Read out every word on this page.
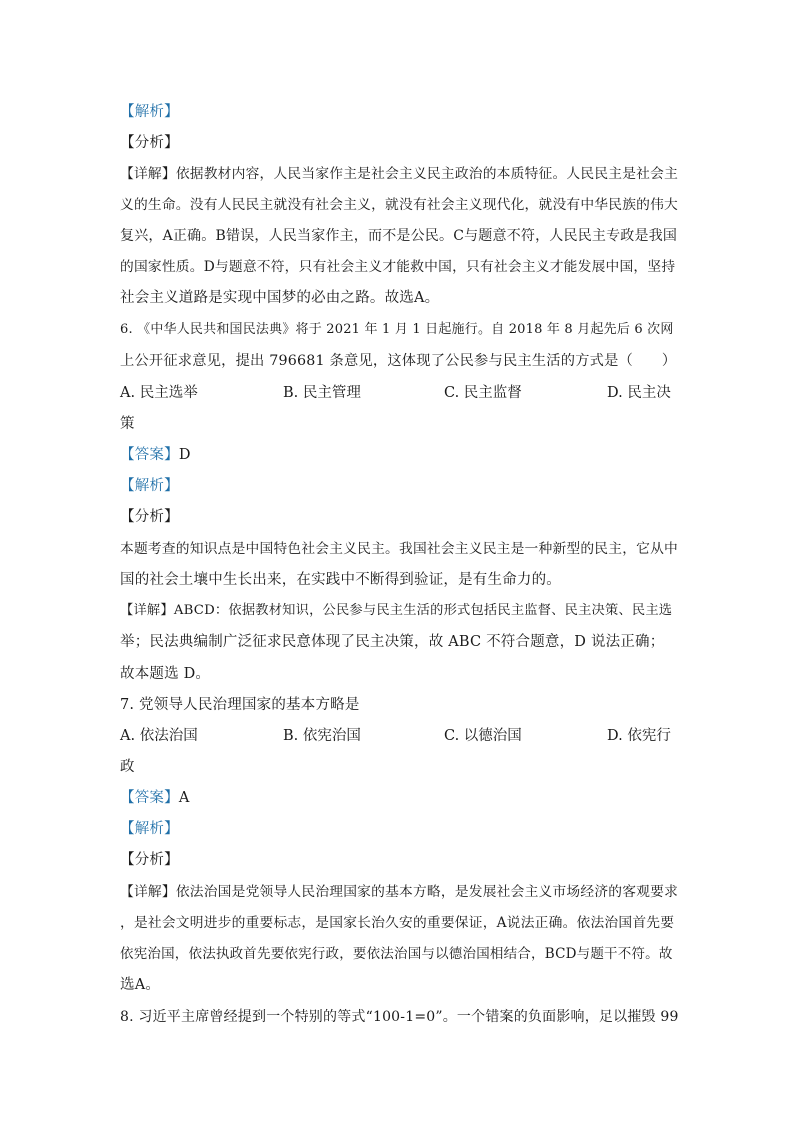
【解析】
【分析】
【详解】依据教材内容，人民当家作主是社会主义民主政治的本质特征。人民民主是社会主
义的生命。没有人民民主就没有社会主义，就没有社会主义现代化，就没有中华民族的伟大
复兴，A正确。B错误，人民当家作主，而不是公民。C与题意不符，人民民主专政是我国
的国家性质。D与题意不符，只有社会主义才能救中国，只有社会主义才能发展中国，坚持
社会主义道路是实现中国梦的必由之路。故选A。
6. 《中华人民共和国民法典》将于 2021 年 1 月 1 日起施行。自 2018 年 8 月起先后 6 次网
上公开征求意见，提出 796681 条意见，这体现了公民参与民主生活的方式是（　　）
A. 民主选举	B. 民主管理	C. 民主监督	D. 民主决
策
【答案】D
【解析】
【分析】
本题考查的知识点是中国特色社会主义民主。我国社会主义民主是一种新型的民主，它从中
国的社会土壤中生长出来，在实践中不断得到验证，是有生命力的。
【详解】ABCD：依据教材知识，公民参与民主生活的形式包括民主监督、民主决策、民主选
举；民法典编制广泛征求民意体现了民主决策，故 ABC 不符合题意，D 说法正确；
故本题选 D。
7. 党领导人民治理国家的基本方略是
A. 依法治国	B. 依宪治国	C. 以德治国	D. 依宪行
政
【答案】A
【解析】
【分析】
【详解】依法治国是党领导人民治理国家的基本方略，是发展社会主义市场经济的客观要求
，是社会文明进步的重要标志，是国家长治久安的重要保证，A说法正确。依法治国首先要
依宪治国，依法执政首先要依宪行政，要依法治国与以德治国相结合，BCD与题干不符。故
选A。
8. 习近平主席曾经提到一个特别的等式“100-1=0”。一个错案的负面影响，足以摧毁 99
